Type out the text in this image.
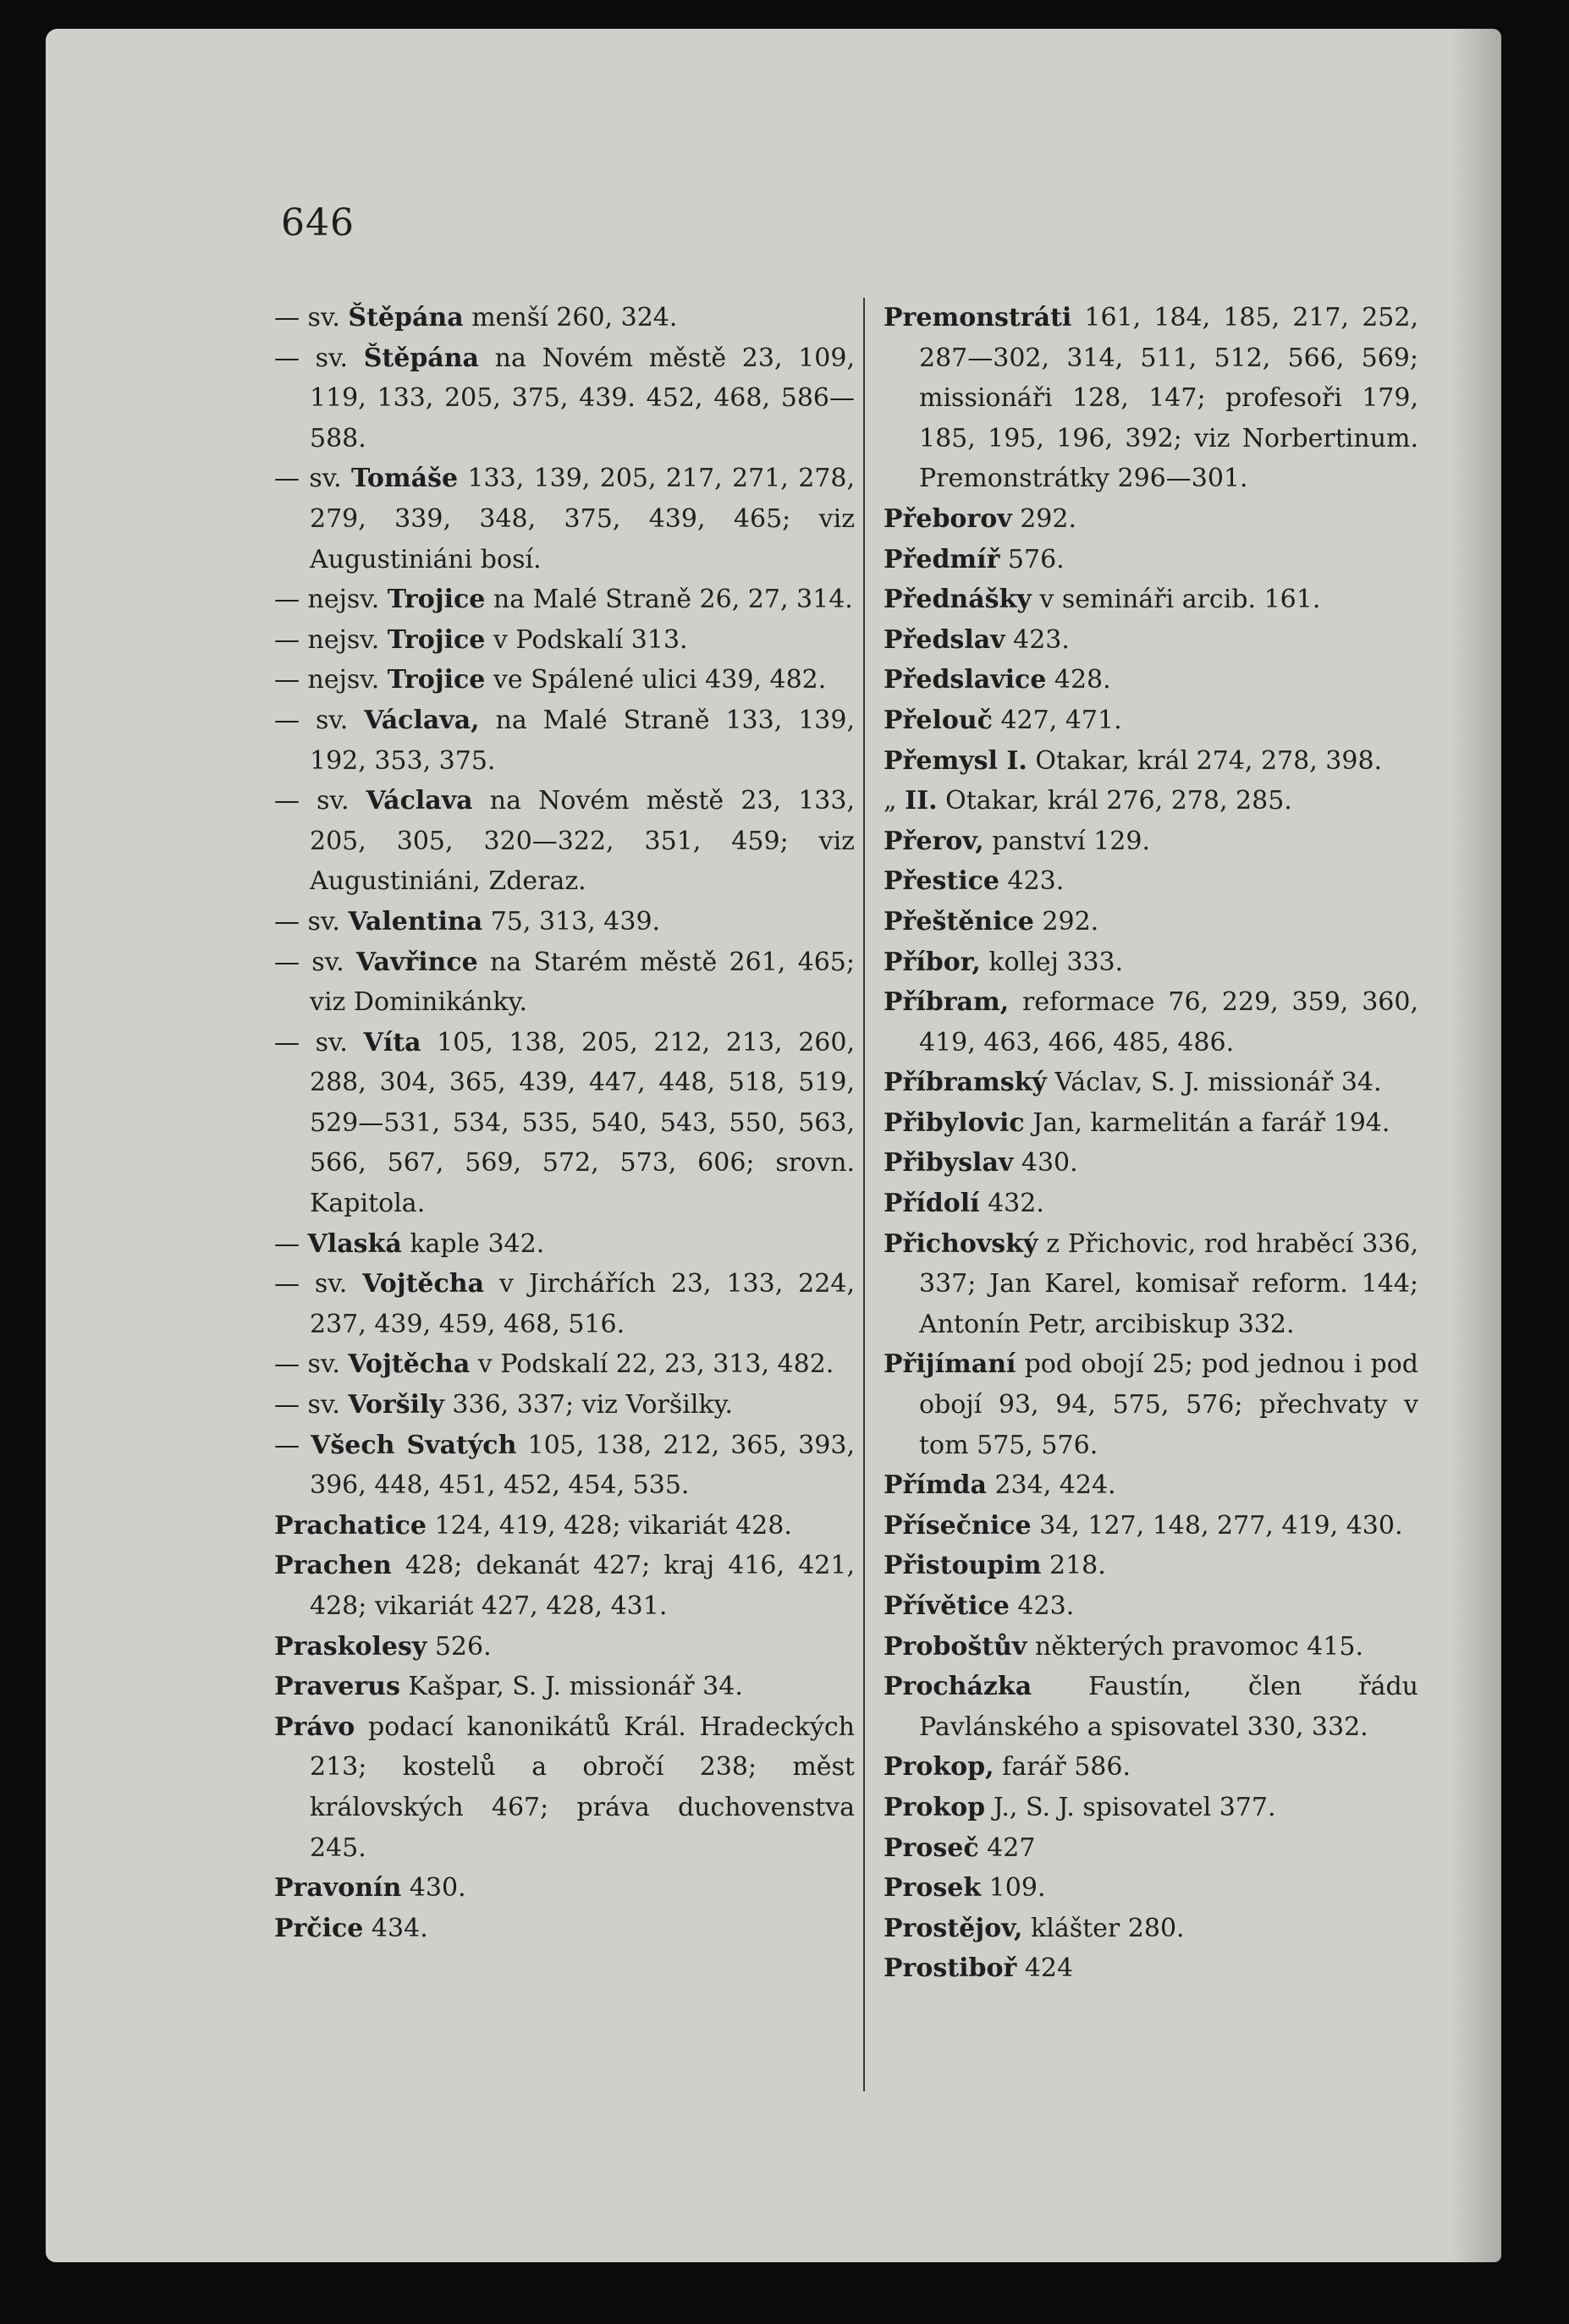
646

— sv. Štěpána menší 260, 324.

— sv. Štěpána na Novém městě 23, 109, 119, 133, 205, 375, 439. 452, 468, 586—588.

— sv. Tomáše 133, 139, 205, 217, 271, 278, 279, 339, 348, 375, 439, 465; viz Augustiniáni bosí.

— nejsv. Trojice na Malé Straně 26, 27, 314.

— nejsv. Trojice v Podskalí 313.

— nejsv. Trojice ve Spálené ulici 439, 482.

— sv. Václava, na Malé Straně 133, 139, 192, 353, 375.

— sv. Václava na Novém městě 23, 133, 205, 305, 320—322, 351, 459; viz Augustiniáni, Zderaz.

— sv. Valentina 75, 313, 439.

— sv. Vavřince na Starém městě 261, 465; viz Dominikánky.

— sv. Víta 105, 138, 205, 212, 213, 260, 288, 304, 365, 439, 447, 448, 518, 519, 529—531, 534, 535, 540, 543, 550, 563, 566, 567, 569, 572, 573, 606; srovn. Kapitola.

— Vlaská kaple 342.

— sv. Vojtěcha v Jirchářích 23, 133, 224, 237, 439, 459, 468, 516.

— sv. Vojtěcha v Podskalí 22, 23, 313, 482.

— sv. Voršily 336, 337; viz Voršilky.

— Všech Svatých 105, 138, 212, 365, 393, 396, 448, 451, 452, 454, 535.

Prachatice 124, 419, 428; vikariát 428.

Prachen 428; dekanát 427; kraj 416, 421, 428; vikariát 427, 428, 431.

Praskolesy 526.

Praverus Kašpar, S. J. missionář 34.

Právo podací kanonikátů Král. Hradeckých 213; kostelů a obročí 238; měst královských 467; práva duchovenstva 245.

Pravonín 430.

Prčice 434.

Premonstráti 161, 184, 185, 217, 252, 287—302, 314, 511, 512, 566, 569; missionáři 128, 147; profesoři 179, 185, 195, 196, 392; viz Norbertinum. Premonstrátky 296—301.

Přeborov 292.

Předmíř 576.

Přednášky v semináři arcib. 161.

Předslav 423.

Předslavice 428.

Přelouč 427, 471.

Přemysl I. Otakar, král 274, 278, 398.

„ II. Otakar, král 276, 278, 285.

Přerov, panství 129.

Přestice 423.

Přeštěnice 292.

Příbor, kollej 333.

Příbram, reformace 76, 229, 359, 360, 419, 463, 466, 485, 486.

Příbramský Václav, S. J. missionář 34.

Přibylovic Jan, karmelitán a farář 194.

Přibyslav 430.

Přídolí 432.

Přichovský z Přichovic, rod hraběcí 336, 337; Jan Karel, komisař reform. 144; Antonín Petr, arcibiskup 332.

Přijímaní pod obojí 25; pod jednou i pod obojí 93, 94, 575, 576; přechvaty v tom 575, 576.

Přímda 234, 424.

Přísečnice 34, 127, 148, 277, 419, 430.

Přistoupim 218.

Přívětice 423.

Proboštův některých pravomoc 415.

Procházka Faustín, člen řádu Pavlánského a spisovatel 330, 332.

Prokop, farář 586.

Prokop J., S. J. spisovatel 377.

Proseč 427

Prosek 109.

Prostějov, klášter 280.

Prostiboř 424
